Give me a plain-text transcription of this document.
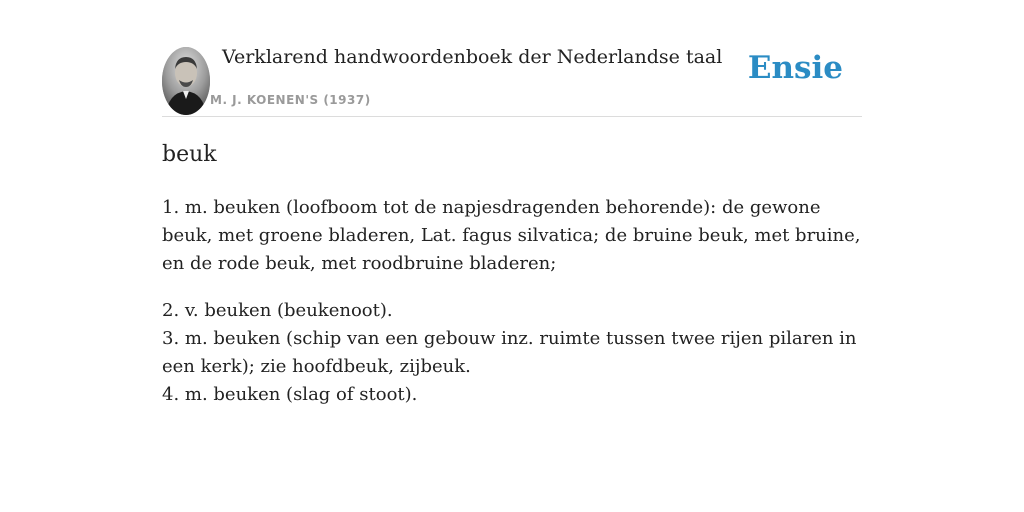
Verklarend handwoordenboek der Nederlandse taal
M. J. KOENEN'S (1937)
Ensie
beuk

1. m. beuken (loofboom tot de napjesdragenden behorende): de gewone beuk, met groene bladeren, Lat. fagus silvatica; de bruine beuk, met bruine, en de rode beuk, met roodbruine bladeren;

2. v. beuken (beukenoot).

3. m. beuken (schip van een gebouw inz. ruimte tussen twee rijen pilaren in een kerk); zie hoofdbeuk, zijbeuk.

4. m. beuken (slag of stoot).
